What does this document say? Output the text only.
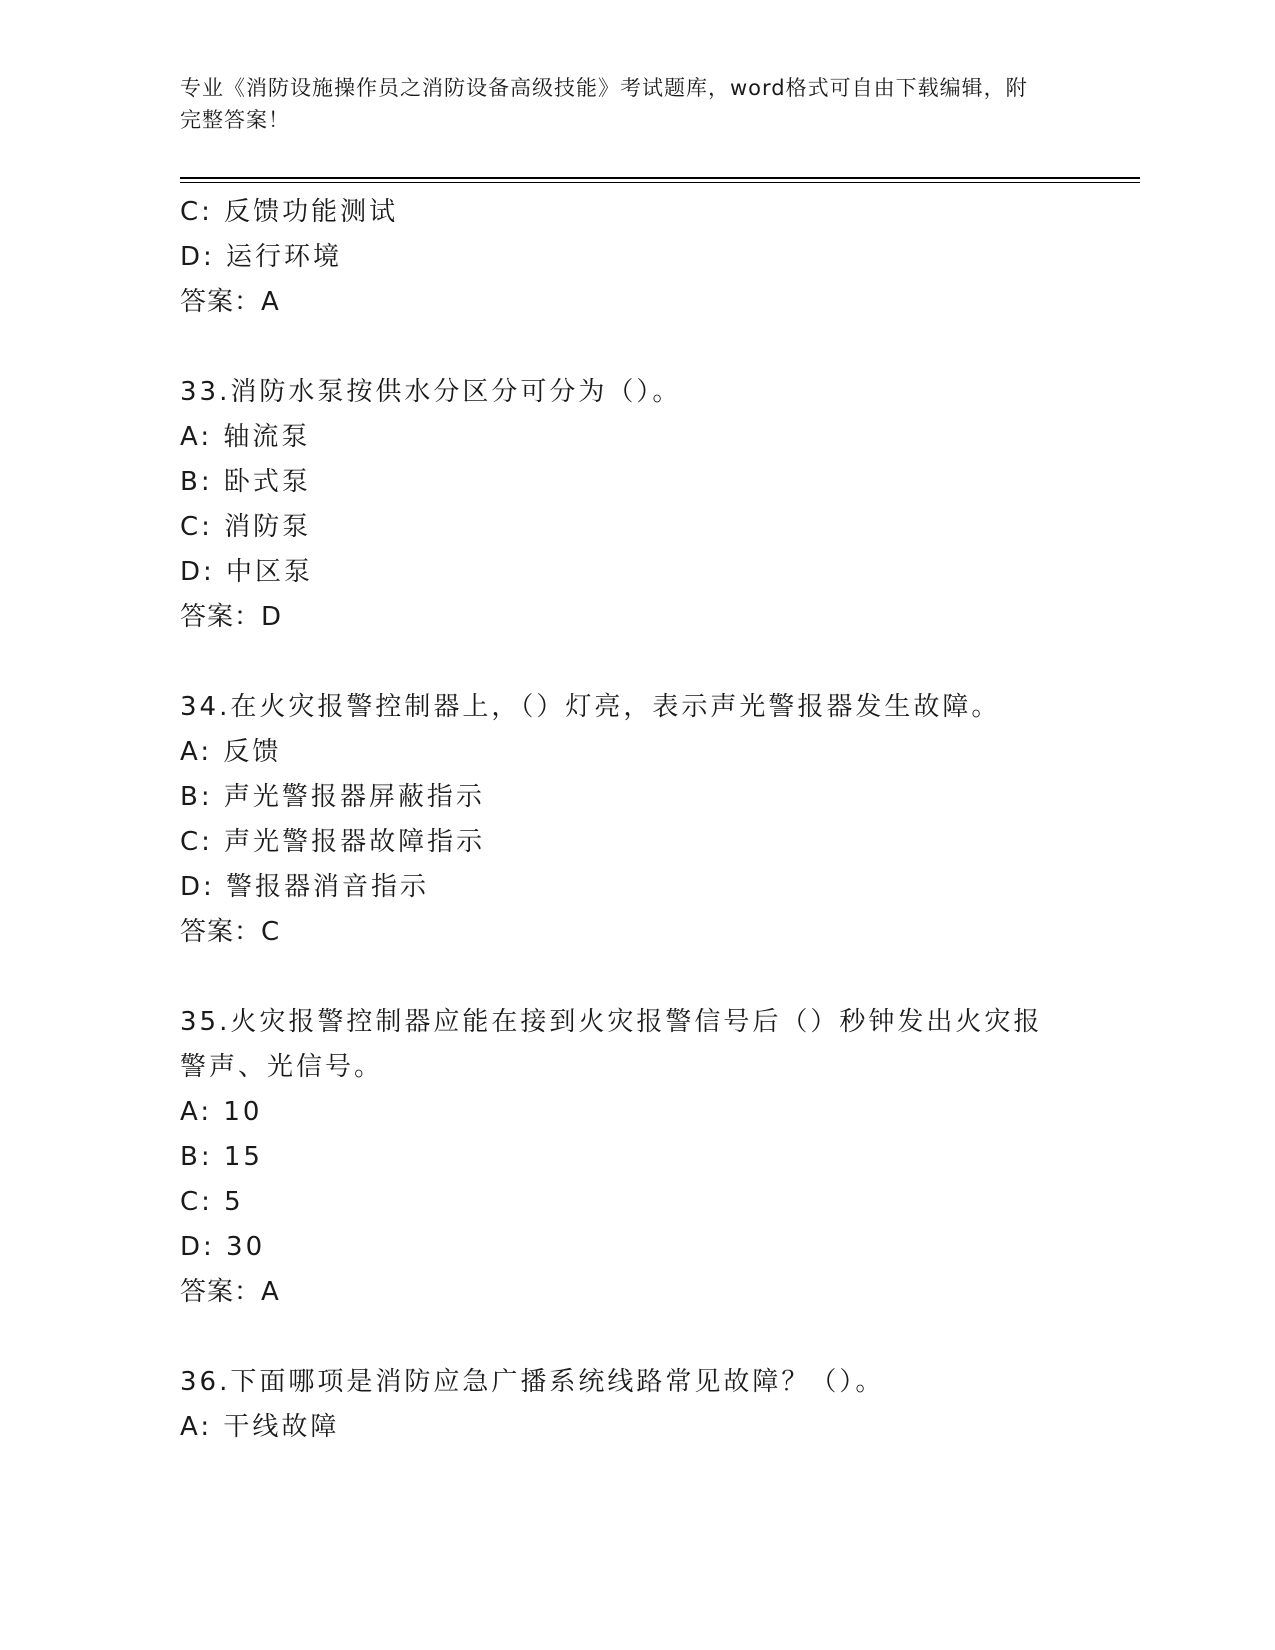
专业《消防设施操作员之消防设备高级技能》考试题库，word格式可自由下载编辑，附完整答案！
C: 反馈功能测试
D: 运行环境
答案：A
33.消防水泵按供水分区分可分为（）。
A: 轴流泵
B: 卧式泵
C: 消防泵
D: 中区泵
答案：D
34.在火灾报警控制器上，（）灯亮，表示声光警报器发生故障。
A: 反馈
B: 声光警报器屏蔽指示
C: 声光警报器故障指示
D: 警报器消音指示
答案：C
35.火灾报警控制器应能在接到火灾报警信号后（）秒钟发出火灾报警声、光信号。
A: 10
B: 15
C: 5
D: 30
答案：A
36.下面哪项是消防应急广播系统线路常见故障？（）。
A: 干线故障
